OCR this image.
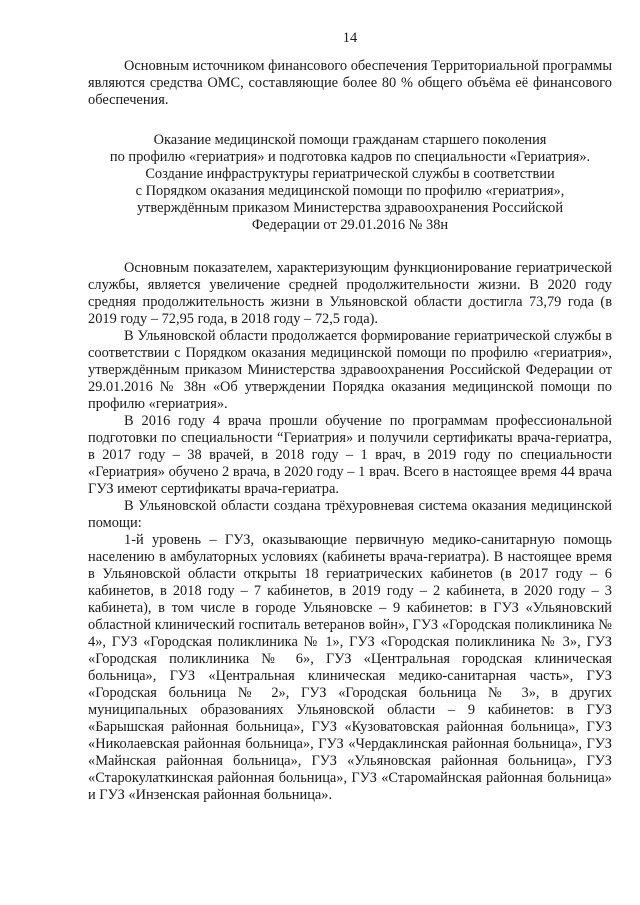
14

Основным источником финансового обеспечения Территориальной программы являются средства ОМС, составляющие более 80 % общего объёма её финансового обеспечения.

Оказание медицинской помощи гражданам старшего поколения
по профилю «гериатрия» и подготовка кадров по специальности «Гериатрия».
Создание инфраструктуры гериатрической службы в соответствии
с Порядком оказания медицинской помощи по профилю «гериатрия»,
утверждённым приказом Министерства здравоохранения Российской
Федерации от 29.01.2016 № 38н

Основным показателем, характеризующим функционирование гериатрической службы, является увеличение средней продолжительности жизни. В 2020 году средняя продолжительность жизни в Ульяновской области достигла 73,79 года (в 2019 году – 72,95 года, в 2018 году – 72,5 года).

В Ульяновской области продолжается формирование гериатрической службы в соответствии с Порядком оказания медицинской помощи по профилю «гериатрия», утверждённым приказом Министерства здравоохранения Российской Федерации от 29.01.2016 № 38н «Об утверждении Порядка оказания медицинской помощи по профилю «гериатрия».

В 2016 году 4 врача прошли обучение по программам профессиональной подготовки по специальности “Гериатрия» и получили сертификаты врача-гериатра, в 2017 году – 38 врачей, в 2018 году – 1 врач, в 2019 году по специальности «Гериатрия» обучено 2 врача, в 2020 году – 1 врач. Всего в настоящее время 44 врача ГУЗ имеют сертификаты врача-гериатра.

В Ульяновской области создана трёхуровневая система оказания медицинской помощи:

1-й уровень – ГУЗ, оказывающие первичную медико-санитарную помощь населению в амбулаторных условиях (кабинеты врача-гериатра). В настоящее время в Ульяновской области открыты 18 гериатрических кабинетов (в 2017 году – 6 кабинетов, в 2018 году – 7 кабинетов, в 2019 году – 2 кабинета, в 2020 году – 3 кабинета), в том числе в городе Ульяновске – 9 кабинетов: в ГУЗ «Ульяновский областной клинический госпиталь ветеранов войн», ГУЗ «Городская поликлиника № 4», ГУЗ «Городская поликлиника № 1», ГУЗ «Городская поликлиника № 3», ГУЗ «Городская поликлиника № 6», ГУЗ «Центральная городская клиническая больница», ГУЗ «Центральная клиническая медико-санитарная часть», ГУЗ «Городская больница № 2», ГУЗ «Городская больница № 3», в других муниципальных образованиях Ульяновской области – 9 кабинетов: в ГУЗ «Барышская районная больница», ГУЗ «Кузоватовская районная больница», ГУЗ «Николаевская районная больница», ГУЗ «Чердаклинская районная больница», ГУЗ «Майнская районная больница», ГУЗ «Ульяновская районная больница», ГУЗ «Старокулаткинская районная больница», ГУЗ «Старомайнская районная больница» и ГУЗ «Инзенская районная больница».
